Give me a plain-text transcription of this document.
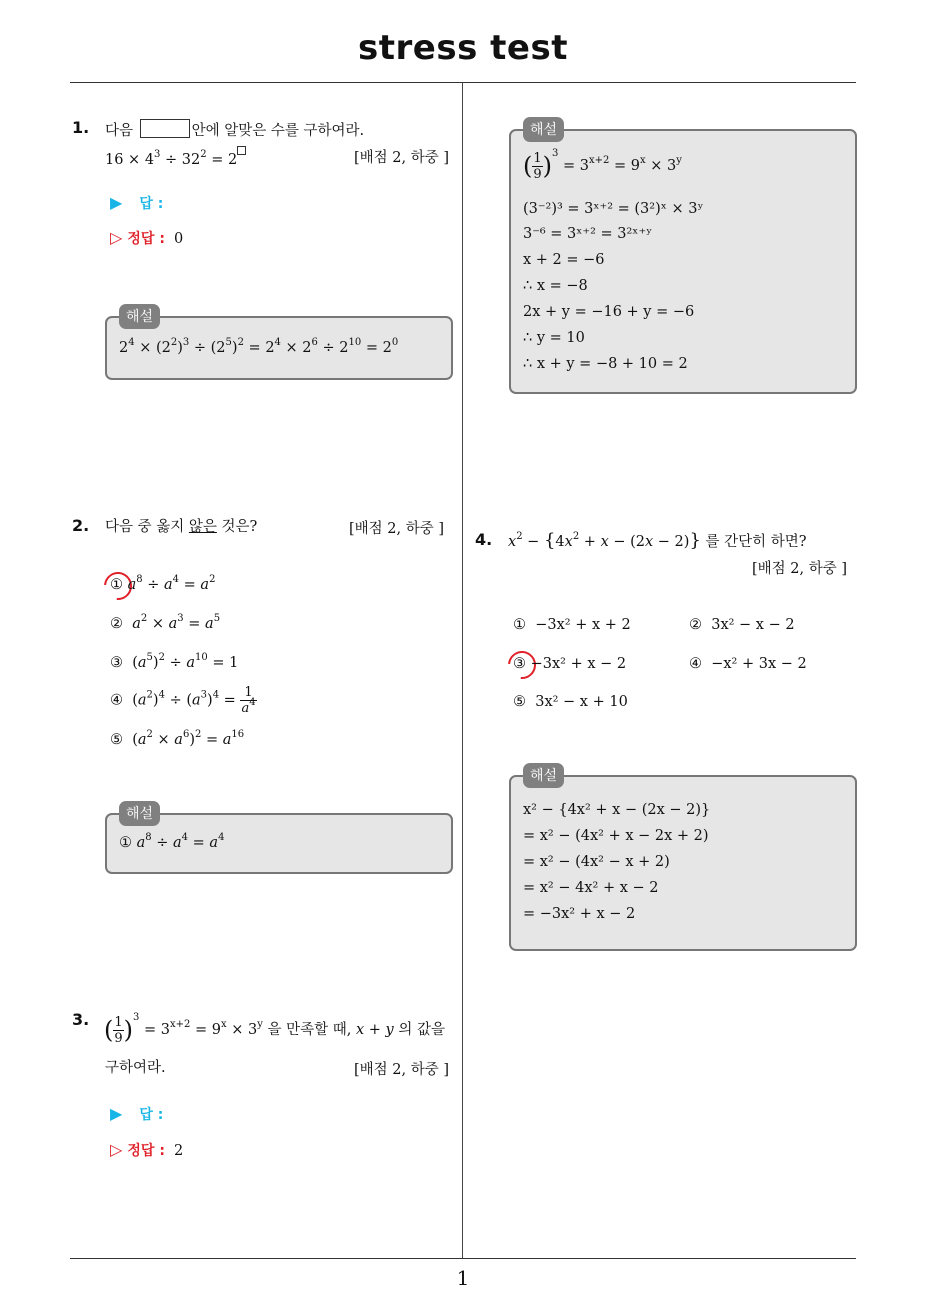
stress test
1
1. 다음	안에 알맞은 수를 구하여라.
$16 \times 4^3 \div 32^2 = 2$	[배점 2, 하중 ]
▶ 답 :
▷ 정답 : 0
$2^4 \times (2^2)^3 \div (2^5)^2 = 2^4 \times 2^6 \div 2^{10} = 2^0$
해설
2. 다음 중 옳지 않은 것은?	[배점 2, 하중 ]
① $a^8 \div a^4 = a^2$
② $a^2 \times a^3 = a^5$
③  $(a^5)^2 \div a^{10} = 1$
④  $(a^2)^4 \div (a^3)^4 = \frac{1}{a^4}$
⑤  $(a^2 \times a^6)^2 = a^{16}$
① $a^8 \div a^4 = a^4$
해설
3. ( $\frac{1}{9} )^3 = 3^{x+2} = 9^x \times 3^y$ 을 만족할 때, x + y 의 값을
구하여라.	[배점 2, 하중 ]
▶ 답 :
▷ 정답 : 2
( $\frac{1}{9} )^3 = 3^{x+2} = 9^x \times 3^y$
(3⁻²)³ = 3ˣ⁺² = (3²)ˣ × 3ʸ
3⁻⁶ = 3ˣ⁺² = 3²ˣ⁺ʸ
x + 2 = −6
∴ x = −8
2x + y = −16 + y = −6
∴ y = 10
∴ x + y = −8 + 10 = 2
해설
4. $x^2 - \{4x^2 + x - (2x - 2)\}$ 를 간단히 하면?
[배점 2, 하중 ]
① −3x² + x + 2	② 3x² − x − 2
③ −3x² + x − 2	④ −x² + 3x − 2
⑤ 3x² − x + 10
x² − {4x² + x − (2x − 2)}
= x² − (4x² + x − 2x + 2)
= x² − (4x² − x + 2)
= x² − 4x² + x − 2
= −3x² + x − 2
해설
